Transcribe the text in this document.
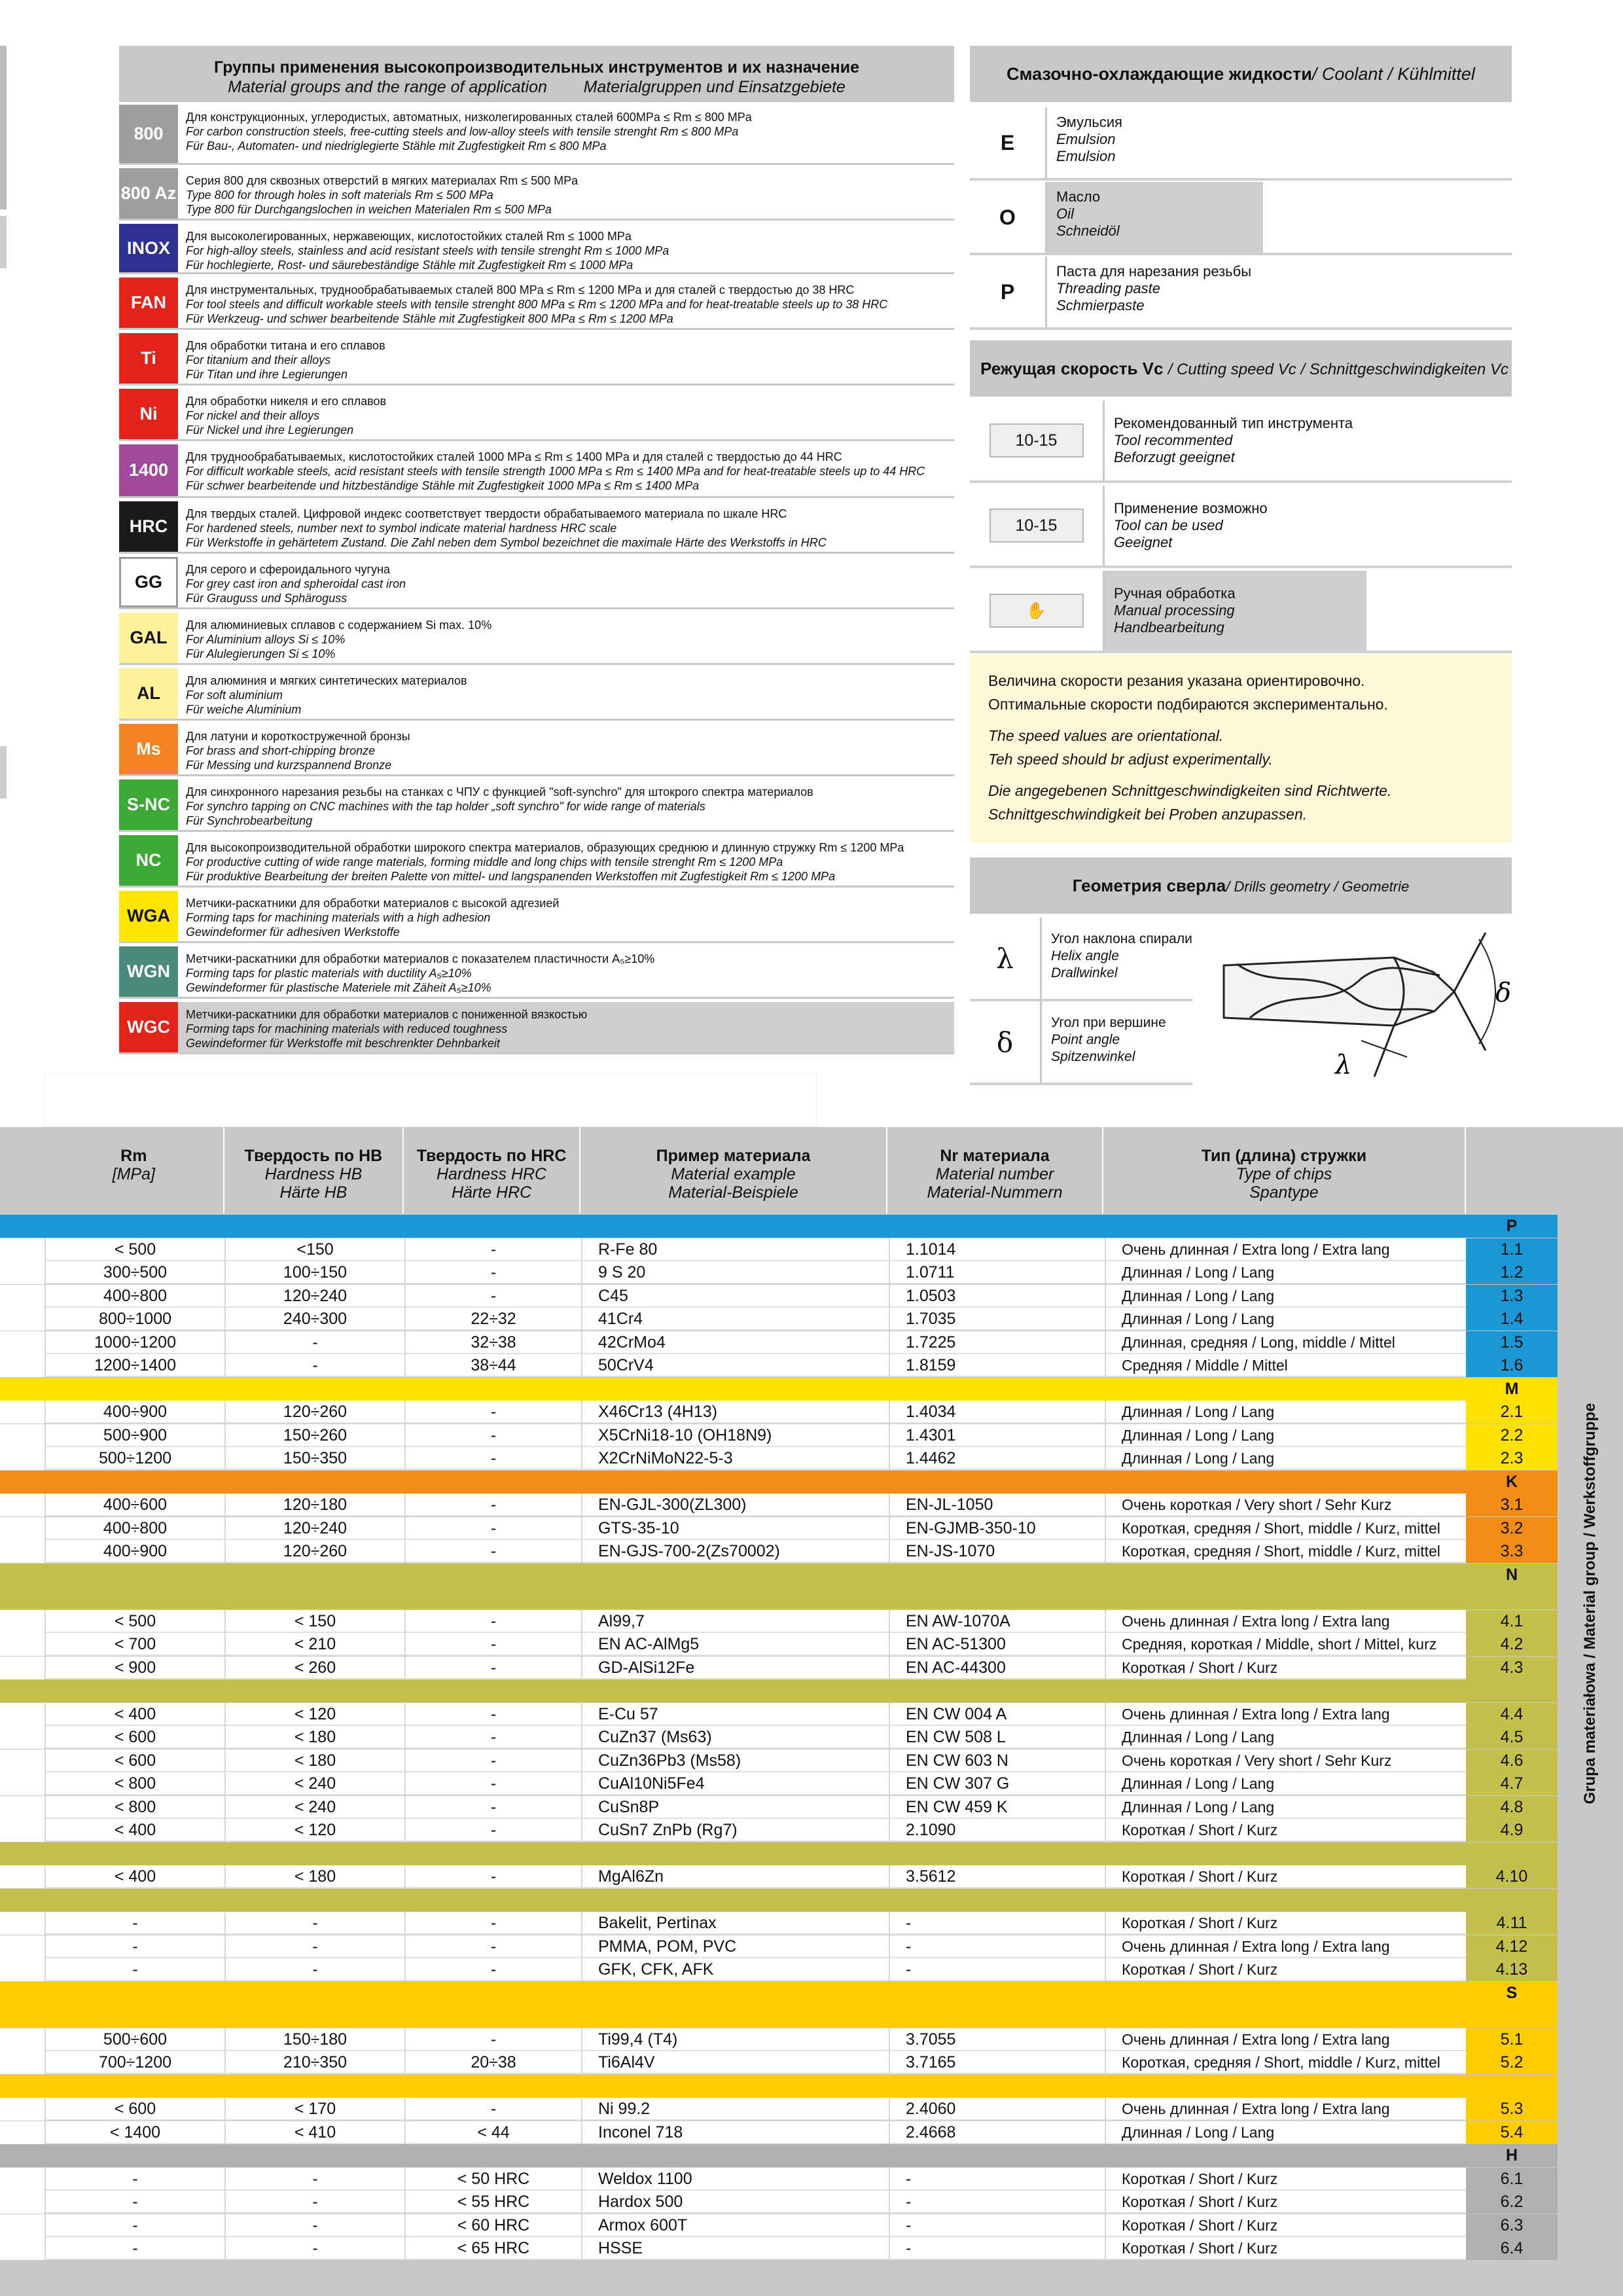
Группы применения высокопроизводительных инструментов и их назначение
Material groups and the range of application Materialgruppen und Einsatzgebiete
800
Для конструкционных, углеродистых, автоматных, низколегированных сталей 600MPa ≤ Rm ≤ 800 MPa
For carbon construction steels, free-cutting steels and low-alloy steels with tensile strenght Rm ≤ 800 MPa
Für Bau-, Automaten- und niedriglegierte Stähle mit Zugfestigkeit Rm ≤ 800 MPa
800 Az
Серия 800 для сквозных отверстий в мягких материалах Rm ≤ 500 MPa
Type 800 for through holes in soft materials Rm ≤ 500 MPa
Type 800 für Durchgangslochen in weichen Materialen Rm ≤ 500 MPa
INOX
Для высоколегированных, нержавеющих, кислотостойких сталей Rm ≤ 1000 MPa
For high-alloy steels, stainless and acid resistant steels with tensile strenght Rm ≤ 1000 MPa
Für hochlegierte, Rost- und säurebeständige Stähle mit Zugfestigkeit Rm ≤ 1000 MPa
FAN
Для инструментальных, труднообрабатываемых сталей 800 MPa ≤ Rm ≤ 1200 MPa и для сталей с твердостью до 38 HRC
For tool steels and difficult workable steels with tensile strenght 800 MPa ≤ Rm ≤ 1200 MPa and for heat-treatable steels up to 38 HRC
Für Werkzeug- und schwer bearbeitende Stähle mit Zugfestigkeit 800 MPa ≤ Rm ≤ 1200 MPa
Ti
Для обработки титана и его сплавов
For titanium and their alloys
Für Titan und ihre Legierungen
Ni
Для обработки никеля и его сплавов
For nickel and their alloys
Für Nickel und ihre Legierungen
1400
Для труднообрабатываемых, кислотостойких сталей 1000 MPa ≤ Rm ≤ 1400 MPa и для сталей с твердостью до 44 HRC
For difficult workable steels, acid resistant steels with tensile strength 1000 MPa ≤ Rm ≤ 1400 MPa and for heat-treatable steels up to 44 HRC
Für schwer bearbeitende und hitzbeständige Stähle mit Zugfestigkeit 1000 MPa ≤ Rm ≤ 1400 MPa
HRC
Для твердых сталей. Цифровой индекс соответствует твердости обрабатываемого материала по шкале HRC
For hardened steels, number next to symbol indicate material hardness HRC scale
Für Werkstoffe in gehärtetem Zustand. Die Zahl neben dem Symbol bezeichnet die maximale Härte des Werkstoffs in HRC
GG
Для серого и сфероидального чугуна
For grey cast iron and spheroidal cast iron
Für Grauguss und Sphärоguss
GAL
Для алюминиевых сплавов с содержанием Si max. 10%
For Aluminium alloys Si ≤ 10%
Für Alulegierungen Si ≤ 10%
AL
Для алюминия и мягких синтетических материалов
For soft aluminium
Für weiche Aluminium
Ms
Для латуни и короткостружечной бронзы
For brass and short-chipping bronze
Für Messing und kurzspannend Bronze
S-NC
Для синхронного нарезания резьбы на станках с ЧПУ с функцией "soft-synchro" для штокрого спектра материалов
For synchro tapping on CNC machines with the tap holder „soft synchro" for wide range of materials
Für Synchrobearbeitung
NC
Для высокопроизводительной обработки широкого спектра материалов, образующих среднюю и длинную стружку Rm ≤ 1200 MPa
For productive cutting of wide range materials, forming middle and long chips with tensile strenght Rm ≤ 1200 MPa
Für produktive Bearbeitung der breiten Palette von mittel- und langspanenden Werkstoffen mit Zugfestigkeit Rm ≤ 1200 MPa
WGA
Метчики-раскатники для обработки материалов с высокой адгезией
Forming taps for machining materials with a high adhesion
Gewindeformer für adhesiven Werkstoffe
WGN
Метчики-раскатники для обработки материалов с показателем пластичности A₅≥10%
Forming taps for plastic materials with ductility A₅≥10%
Gewindeformer für plastische Materiele mit Zäheit A₅≥10%
WGC
Метчики-раскатники для обработки материалов с пониженной вязкостью
Forming taps for machining materials with reduced toughness
Gewindeformer für Werkstoffe mit beschrenkter Dehnbarkeit
Смазочно-охлаждающие жидкости/ Coolant / Kühlmittel
E
Эмульсия
Emulsion
Emulsion
O
Масло
Oil
Schneidöl
P
Паста для нарезания резьбы
Threading paste
Schmierpaste
Режущая скорость Vc / Cutting speed Vc / Schnittgeschwindigkeiten Vc
10-15
Рекомендованный тип инструмента
Tool recommented
Beforzugt geeignet
10-15
Применение возможно
Tool can be used
Geeignet
✋
Ручная обработка
Manual processing
Handbearbeitung
Величина скорости резания указана ориентировочно.
Оптимальные скорости подбираются экспериментально.
The speed values are orientational.
Teh speed should br adjust experimentally.
Die angegebenen Schnittgeschwindigkeiten sind Richtwerte.
Schnittgeschwindigkeit bei Proben anzupassen.
Геометрия сверла/ Drills geometry / Geometrie
λ
Угол наклона спирали
Helix angle
Drallwinkel
δ
Угол при вершине
Point angle
Spitzenwinkel
δ
λ
Rm
[MPa]
Твердость по HB
Hardness HB
Härte HB
Твердость по HRC
Hardness HRC
Härte HRC
Пример материала
Material example
Material-Beispiele
Nr материала
Material number
Material-Nummern
Тип (длина) стружки
Type of chips
Spantype
P
< 500	<150	-	R-Fe 80	1.1014	Очень длинная / Extra long / Extra lang	1.1
300÷500	100÷150	-	9 S 20	1.0711	Длинная / Long / Lang	1.2
400÷800	120÷240	-	C45	1.0503	Длинная / Long / Lang	1.3
800÷1000	240÷300	22÷32	41Cr4	1.7035	Длинная / Long / Lang	1.4
1000÷1200	-	32÷38	42CrMo4	1.7225	Длинная, средняя / Long, middle / Mittel	1.5
1200÷1400	-	38÷44	50CrV4	1.8159	Средняя / Middle / Mittel	1.6
M
400÷900	120÷260	-	X46Cr13 (4H13)	1.4034	Длинная / Long / Lang	2.1
500÷900	150÷260	-	X5CrNi18-10 (OH18N9)	1.4301	Длинная / Long / Lang	2.2
500÷1200	150÷350	-	X2CrNiMoN22-5-3	1.4462	Длинная / Long / Lang	2.3
K
400÷600	120÷180	-	EN-GJL-300(ZL300)	EN-JL-1050	Очень короткая / Very short / Sehr Kurz	3.1
400÷800	120÷240	-	GTS-35-10	EN-GJMB-350-10	Короткая, средняя / Short, middle / Kurz, mittel	3.2
400÷900	120÷260	-	EN-GJS-700-2(Zs70002)	EN-JS-1070	Короткая, средняя / Short, middle / Kurz, mittel	3.3
N
< 500	< 150	-	Al99,7	EN AW-1070A	Очень длинная / Extra long / Extra lang	4.1
< 700	< 210	-	EN AC-AlMg5	EN AC-51300	Средняя, короткая / Middle, short / Mittel, kurz	4.2
< 900	< 260	-	GD-AlSi12Fe	EN AC-44300	Короткая / Short / Kurz	4.3
< 400	< 120	-	E-Cu 57	EN CW 004 A	Очень длинная / Extra long / Extra lang	4.4
< 600	< 180	-	CuZn37 (Ms63)	EN CW 508 L	Длинная / Long / Lang	4.5
< 600	< 180	-	CuZn36Pb3 (Ms58)	EN CW 603 N	Очень короткая / Very short / Sehr Kurz	4.6
< 800	< 240	-	CuAl10Ni5Fe4	EN CW 307 G	Длинная / Long / Lang	4.7
< 800	< 240	-	CuSn8P	EN CW 459 K	Длинная / Long / Lang	4.8
< 400	< 120	-	CuSn7 ZnPb (Rg7)	2.1090	Короткая / Short / Kurz	4.9
< 400	< 180	-	MgAl6Zn	3.5612	Короткая / Short / Kurz	4.10
-	-	-	Bakelit, Pertinax	-	Короткая / Short / Kurz	4.11
-	-	-	PMMA, POM, PVC	-	Очень длинная / Extra long / Extra lang	4.12
-	-	-	GFK, CFK, AFK	-	Короткая / Short / Kurz	4.13
S
500÷600	150÷180	-	Ti99,4 (T4)	3.7055	Очень длинная / Extra long / Extra lang	5.1
700÷1200	210÷350	20÷38	Ti6Al4V	3.7165	Короткая, средняя / Short, middle / Kurz, mittel	5.2
< 600	< 170	-	Ni 99.2	2.4060	Очень длинная / Extra long / Extra lang	5.3
< 1400	< 410	< 44	Inconel 718	2.4668	Длинная / Long / Lang	5.4
H
-	-	< 50 HRC	Weldox 1100	-	Короткая / Short / Kurz	6.1
-	-	< 55 HRC	Hardox 500	-	Короткая / Short / Kurz	6.2
-	-	< 60 HRC	Armox 600T	-	Короткая / Short / Kurz	6.3
-	-	< 65 HRC	HSSE	-	Короткая / Short / Kurz	6.4
Grupa materiałowa / Material group / Werkstoffgruppe
